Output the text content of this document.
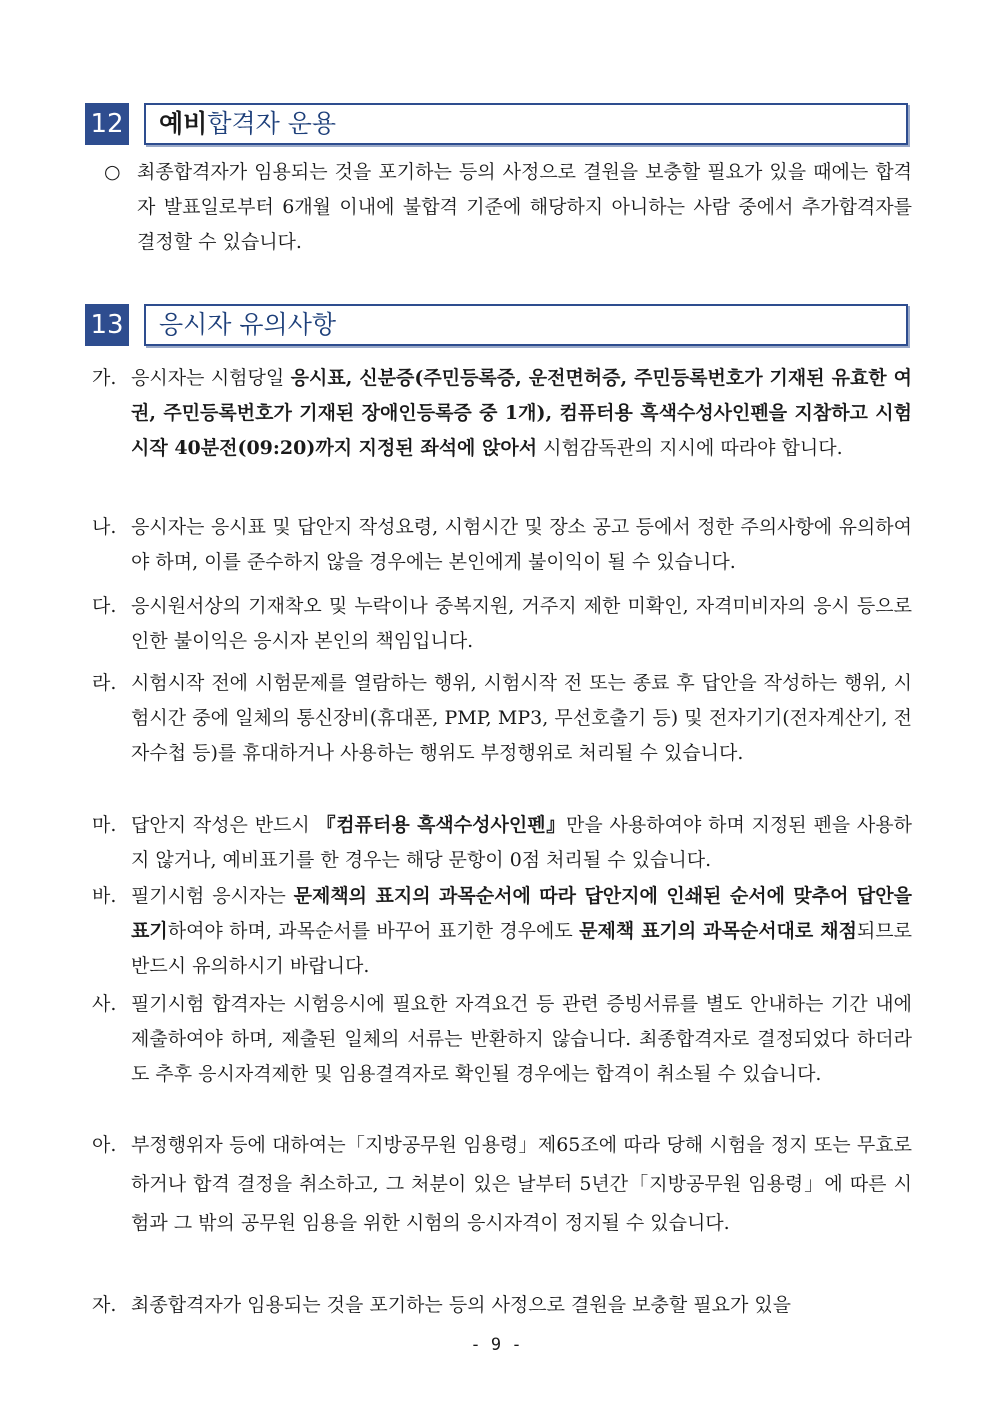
12 예비합격자 운용
○ 최종합격자가 임용되는 것을 포기하는 등의 사정으로 결원을 보충할 필요가 있을 때에는 합격자 발표일로부터 6개월 이내에 불합격 기준에 해당하지 아니하는 사람 중에서 추가합격자를 결정할 수 있습니다.
13 응시자 유의사항
가. 응시자는 시험당일 응시표, 신분증(주민등록증, 운전면허증, 주민등록번호가 기재된 유효한 여권, 주민등록번호가 기재된 장애인등록증 중 1개), 컴퓨터용 흑색수성사인펜을 지참하고 시험시작 40분전(09:20)까지 지정된 좌석에 앉아서 시험감독관의 지시에 따라야 합니다.
나. 응시자는 응시표 및 답안지 작성요령, 시험시간 및 장소 공고 등에서 정한 주의사항에 유의하여야 하며, 이를 준수하지 않을 경우에는 본인에게 불이익이 될 수 있습니다.
다. 응시원서상의 기재착오 및 누락이나 중복지원, 거주지 제한 미확인, 자격미비자의 응시 등으로 인한 불이익은 응시자 본인의 책임입니다.
라. 시험시작 전에 시험문제를 열람하는 행위, 시험시작 전 또는 종료 후 답안을 작성하는 행위, 시험시간 중에 일체의 통신장비(휴대폰, PMP, MP3, 무선호출기 등) 및 전자기기(전자계산기, 전자수첩 등)를 휴대하거나 사용하는 행위도 부정행위로 처리될 수 있습니다.
마. 답안지 작성은 반드시 『컴퓨터용 흑색수성사인펜』만을 사용하여야 하며 지정된 펜을 사용하지 않거나, 예비표기를 한 경우는 해당 문항이 0점 처리될 수 있습니다.
바. 필기시험 응시자는 문제책의 표지의 과목순서에 따라 답안지에 인쇄된 순서에 맞추어 답안을 표기하여야 하며, 과목순서를 바꾸어 표기한 경우에도 문제책 표기의 과목순서대로 채점되므로 반드시 유의하시기 바랍니다.
사. 필기시험 합격자는 시험응시에 필요한 자격요건 등 관련 증빙서류를 별도 안내하는 기간 내에 제출하여야 하며, 제출된 일체의 서류는 반환하지 않습니다. 최종합격자로 결정되었다 하더라도 추후 응시자격제한 및 임용결격자로 확인될 경우에는 합격이 취소될 수 있습니다.
아. 부정행위자 등에 대하여는「지방공무원 임용령」제65조에 따라 당해 시험을 정지 또는 무효로 하거나 합격 결정을 취소하고, 그 처분이 있은 날부터 5년간「지방공무원 임용령」에 따른 시험과 그 밖의 공무원 임용을 위한 시험의 응시자격이 정지될 수 있습니다.
자. 최종합격자가 임용되는 것을 포기하는 등의 사정으로 결원을 보충할 필요가 있을
- 9 -
